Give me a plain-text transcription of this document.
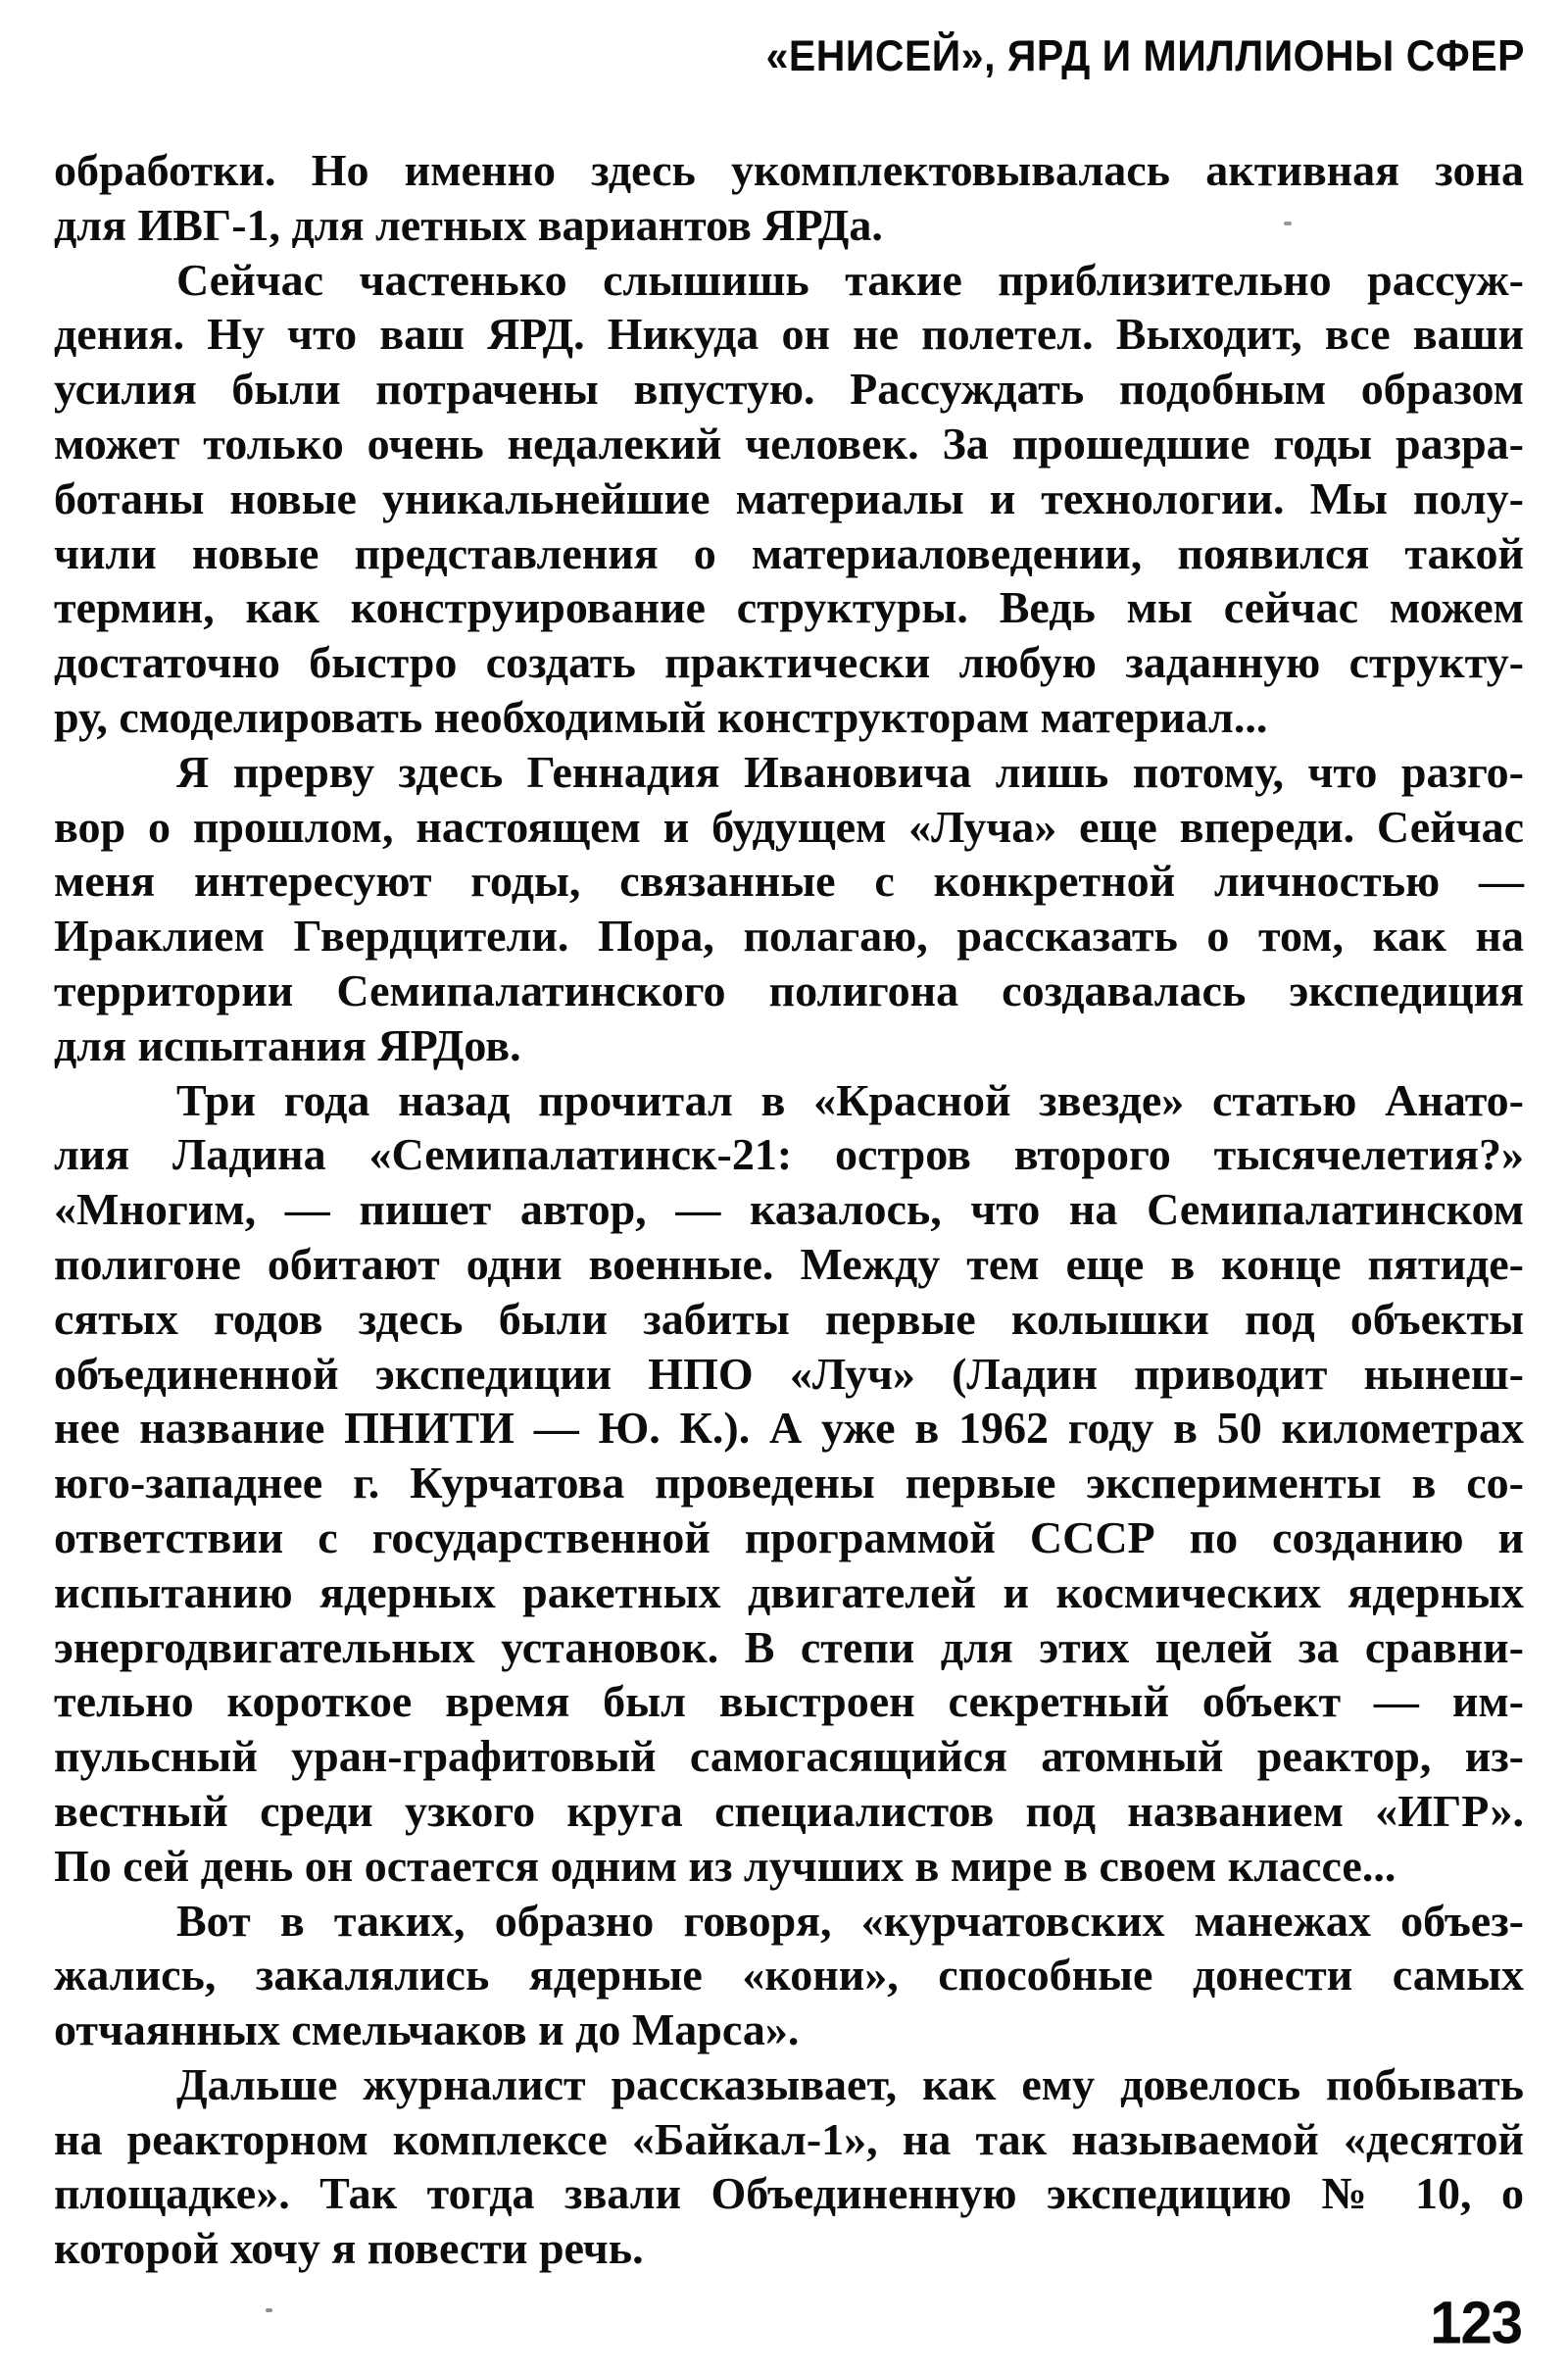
«ЕНИСЕЙ», ЯРД И МИЛЛИОНЫ СФЕР
обработки. Но именно здесь укомплектовывалась активная зона
для ИВГ-1, для летных вариантов ЯРДа.
Сейчас частенько слышишь такие приблизительно рассуж-
дения. Ну что ваш ЯРД. Никуда он не полетел. Выходит, все ваши
усилия были потрачены впустую. Рассуждать подобным образом
может только очень недалекий человек. За прошедшие годы разра-
ботаны новые уникальнейшие материалы и технологии. Мы полу-
чили новые представления о материаловедении, появился такой
термин, как конструирование структуры. Ведь мы сейчас можем
достаточно быстро создать практически любую заданную структу-
ру, смоделировать необходимый конструкторам материал...
Я прерву здесь Геннадия Ивановича лишь потому, что разго-
вор о прошлом, настоящем и будущем «Луча» еще впереди. Сейчас
меня интересуют годы, связанные с конкретной личностью —
Ираклием Гвердцители. Пора, полагаю, рассказать о том, как на
территории Семипалатинского полигона создавалась экспедиция
для испытания ЯРДов.
Три года назад прочитал в «Красной звезде» статью Анато-
лия Ладина «Семипалатинск-21: остров второго тысячелетия?»
«Многим, — пишет автор, — казалось, что на Семипалатинском
полигоне обитают одни военные. Между тем еще в конце пятиде-
сятых годов здесь были забиты первые колышки под объекты
объединенной экспедиции НПО «Луч» (Ладин приводит нынеш-
нее название ПНИТИ — Ю. К.). А уже в 1962 году в 50 километрах
юго-западнее г. Курчатова проведены первые эксперименты в со-
ответствии с государственной программой СССР по созданию и
испытанию ядерных ракетных двигателей и космических ядерных
энергодвигательных установок. В степи для этих целей за сравни-
тельно короткое время был выстроен секретный объект — им-
пульсный уран-графитовый самогасящийся атомный реактор, из-
вестный среди узкого круга специалистов под названием «ИГР».
По сей день он остается одним из лучших в мире в своем классе...
Вот в таких, образно говоря, «курчатовских манежах объез-
жались, закалялись ядерные «кони», способные донести самых
отчаянных смельчаков и до Марса».
Дальше журналист рассказывает, как ему довелось побывать
на реакторном комплексе «Байкал-1», на так называемой «десятой
площадке». Так тогда звали Объединенную экспедицию № 10, о
которой хочу я повести речь.
123
